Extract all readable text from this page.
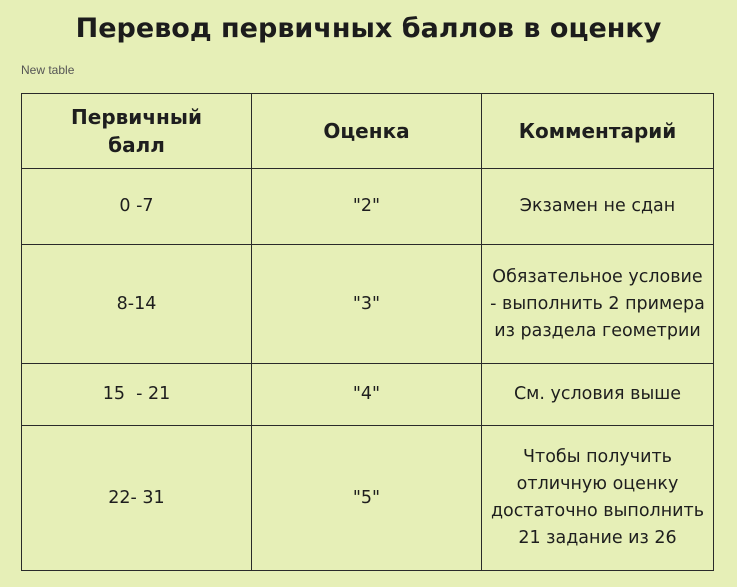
Перевод первичных баллов в оценку
New table
Первичный балл	Оценка	Комментарий
0 -7	"2"	Экзамен не сдан
8-14	"3"	Обязательное условие - выполнить 2 примера из раздела геометрии
15  - 21	"4"	См. условия выше
22- 31	"5"	Чтобы получить отличную оценку достаточно выполнить 21 задание из 26
